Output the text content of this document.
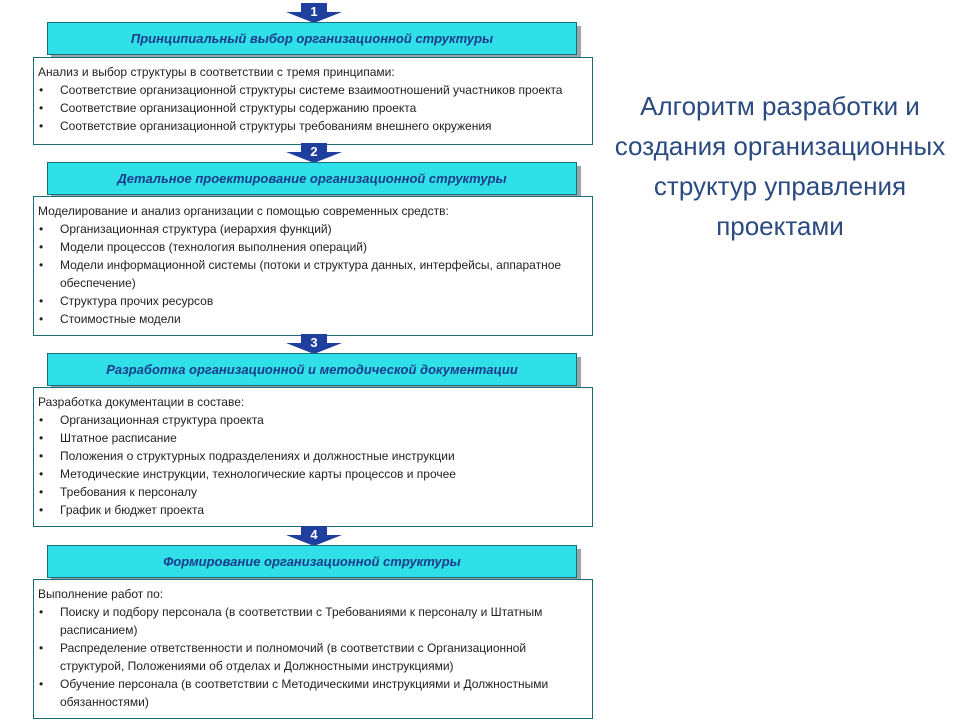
1
Принципиальный выбор организационной структуры

Анализ и выбор структуры в соответствии с тремя принципами:

• Соответствие организационной структуры системе взаимоотношений участников проекта
• Соответствие организационной структуры содержанию проекта
• Соответствие организационной структуры требованиям внешнего окружения
2
Детальное проектирование организационной структуры

Моделирование и анализ организации с помощью современных средств:

• Организационная структура (иерархия функций)
• Модели процессов (технология выполнения операций)
• Модели информационной системы (потоки и структура данных, интерфейсы, аппаратное обеспечение)
• Структура прочих ресурсов
• Стоимостные модели
3
Разработка организационной и методической документации

Разработка документации в составе:

• Организационная структура проекта
• Штатное расписание
• Положения о структурных подразделениях и должностные инструкции
• Методические инструкции, технологические карты процессов и прочее
• Требования к персоналу
• График и бюджет проекта
4
Формирование организационной структуры

Выполнение работ по:

• Поиску и подбору персонала (в соответствии с Требованиями к персоналу и Штатным расписанием)
• Распределение ответственности и полномочий (в соответствии с Организационной структурой, Положениями об отделах и Должностными инструкциями)
• Обучение персонала (в соответствии с Методическими инструкциями и Должностными обязанностями)
Алгоритм разработки и создания организационных структур управления проектами
